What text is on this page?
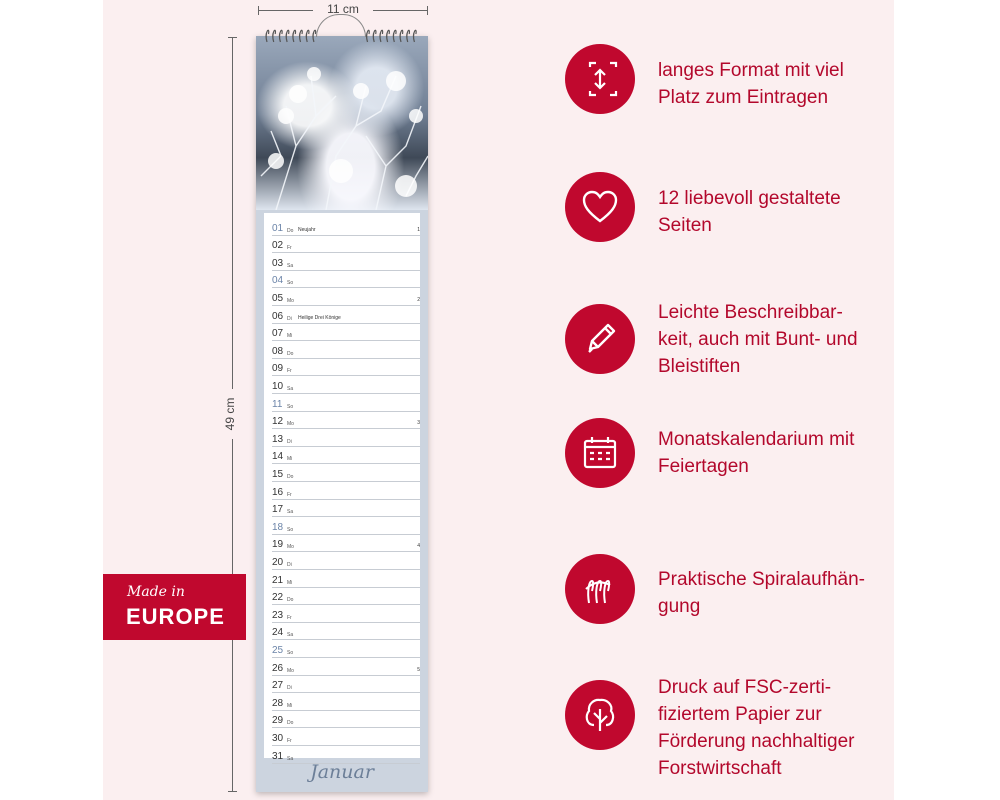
11 cm
49 cm
Made in
EUROPE
01 Do Neujahr	1
02 Fr
03 Sa
04 So
05 Mo	2
06 Di Heilige Drei Könige
07 Mi
08 Do
09 Fr
10 Sa
11 So
12 Mo	3
13 Di
14 Mi
15 Do
16 Fr
17 Sa
18 So
19 Mo	4
20 Di
21 Mi
22 Do
23 Fr
24 Sa
25 So
26 Mo	5
27 Di
28 Mi
29 Do
30 Fr
31 Sa
Januar
langes Format mit viel
Platz zum Eintragen
12 liebevoll gestaltete
Seiten
Leichte Beschreibbar-
keit, auch mit Bunt- und
Bleistiften
Monatskalendarium mit
Feiertagen
Praktische Spiralaufhän-
gung
Druck auf FSC-zerti-
fiziertem Papier zur
Förderung nachhaltiger
Forstwirtschaft
